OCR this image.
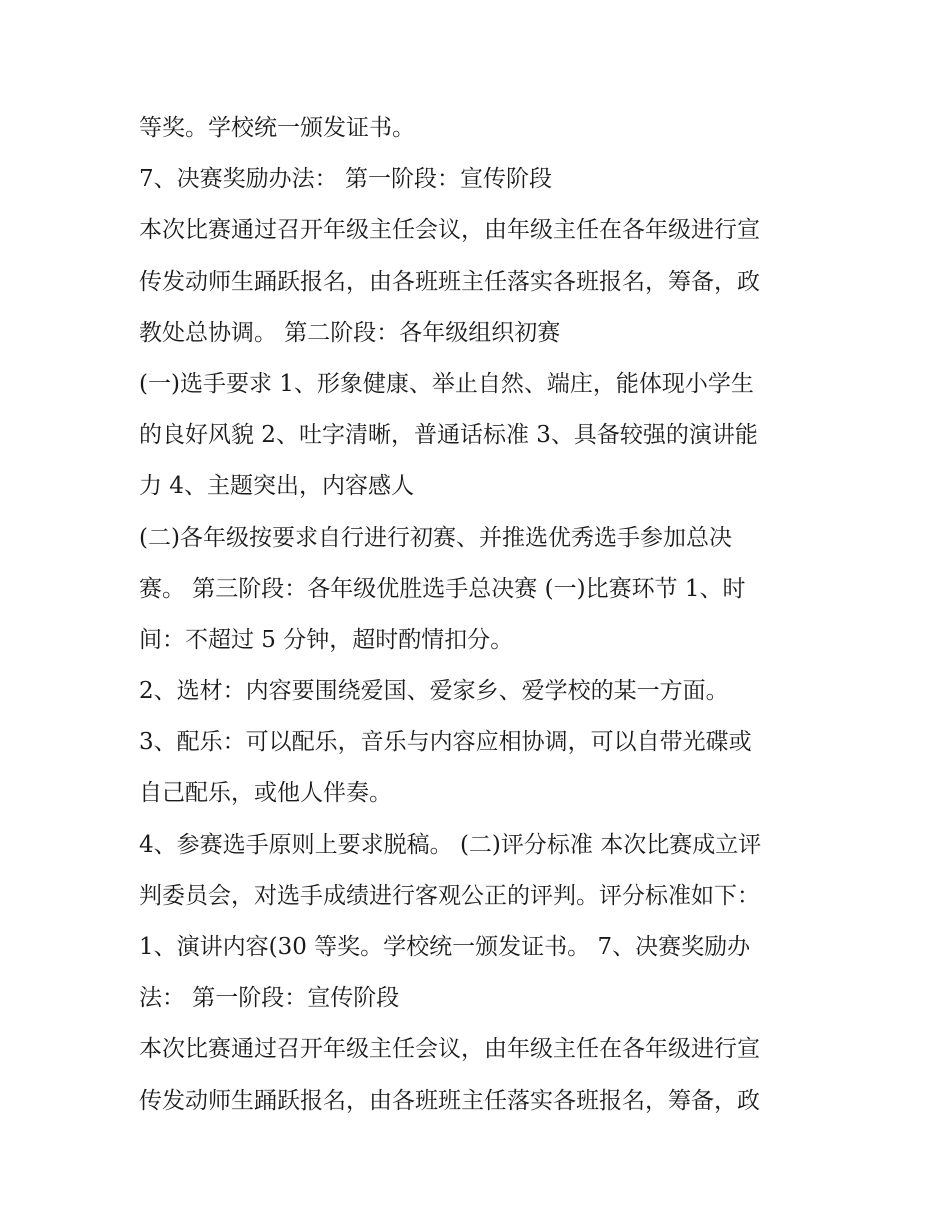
等奖。学校统一颁发证书。
7、决赛奖励办法： 第一阶段：宣传阶段
本次比赛通过召开年级主任会议，由年级主任在各年级进行宣
传发动师生踊跃报名，由各班班主任落实各班报名，筹备，政
教处总协调。 第二阶段：各年级组织初赛
(一)选手要求 1、形象健康、举止自然、端庄，能体现小学生
的良好风貌 2、吐字清晰，普通话标准 3、具备较强的演讲能
力 4、主题突出，内容感人
(二)各年级按要求自行进行初赛、并推选优秀选手参加总决
赛。 第三阶段：各年级优胜选手总决赛 (一)比赛环节 1、时
间：不超过 5 分钟，超时酌情扣分。
2、选材：内容要围绕爱国、爱家乡、爱学校的某一方面。
3、配乐：可以配乐，音乐与内容应相协调，可以自带光碟或
自己配乐，或他人伴奏。
4、参赛选手原则上要求脱稿。 (二)评分标准 本次比赛成立评
判委员会，对选手成绩进行客观公正的评判。评分标准如下：
1、演讲内容(30 等奖。学校统一颁发证书。 7、决赛奖励办
法： 第一阶段：宣传阶段
本次比赛通过召开年级主任会议，由年级主任在各年级进行宣
传发动师生踊跃报名，由各班班主任落实各班报名，筹备，政
